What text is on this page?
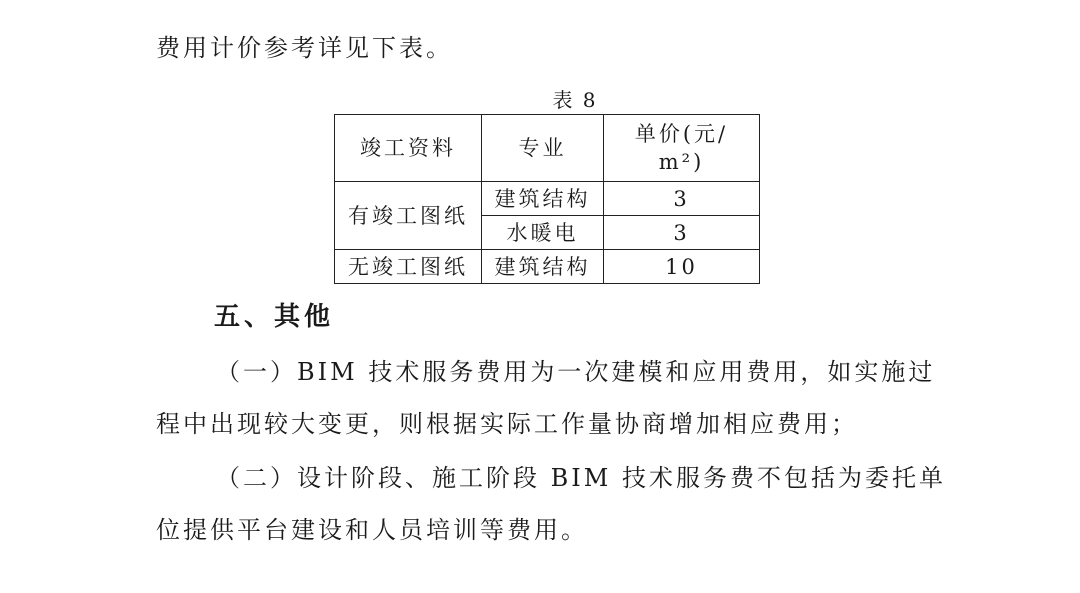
费用计价参考详见下表。
表 8
竣工资料	专业	单价(元/
m²)

有竣工图纸	建筑结构	3
	水暖电	3
无竣工图纸	建筑结构	10
五、其他
（一）BIM 技术服务费用为一次建模和应用费用，如实施过
程中出现较大变更，则根据实际工作量协商增加相应费用；
（二）设计阶段、施工阶段 BIM 技术服务费不包括为委托单
位提供平台建设和人员培训等费用。
